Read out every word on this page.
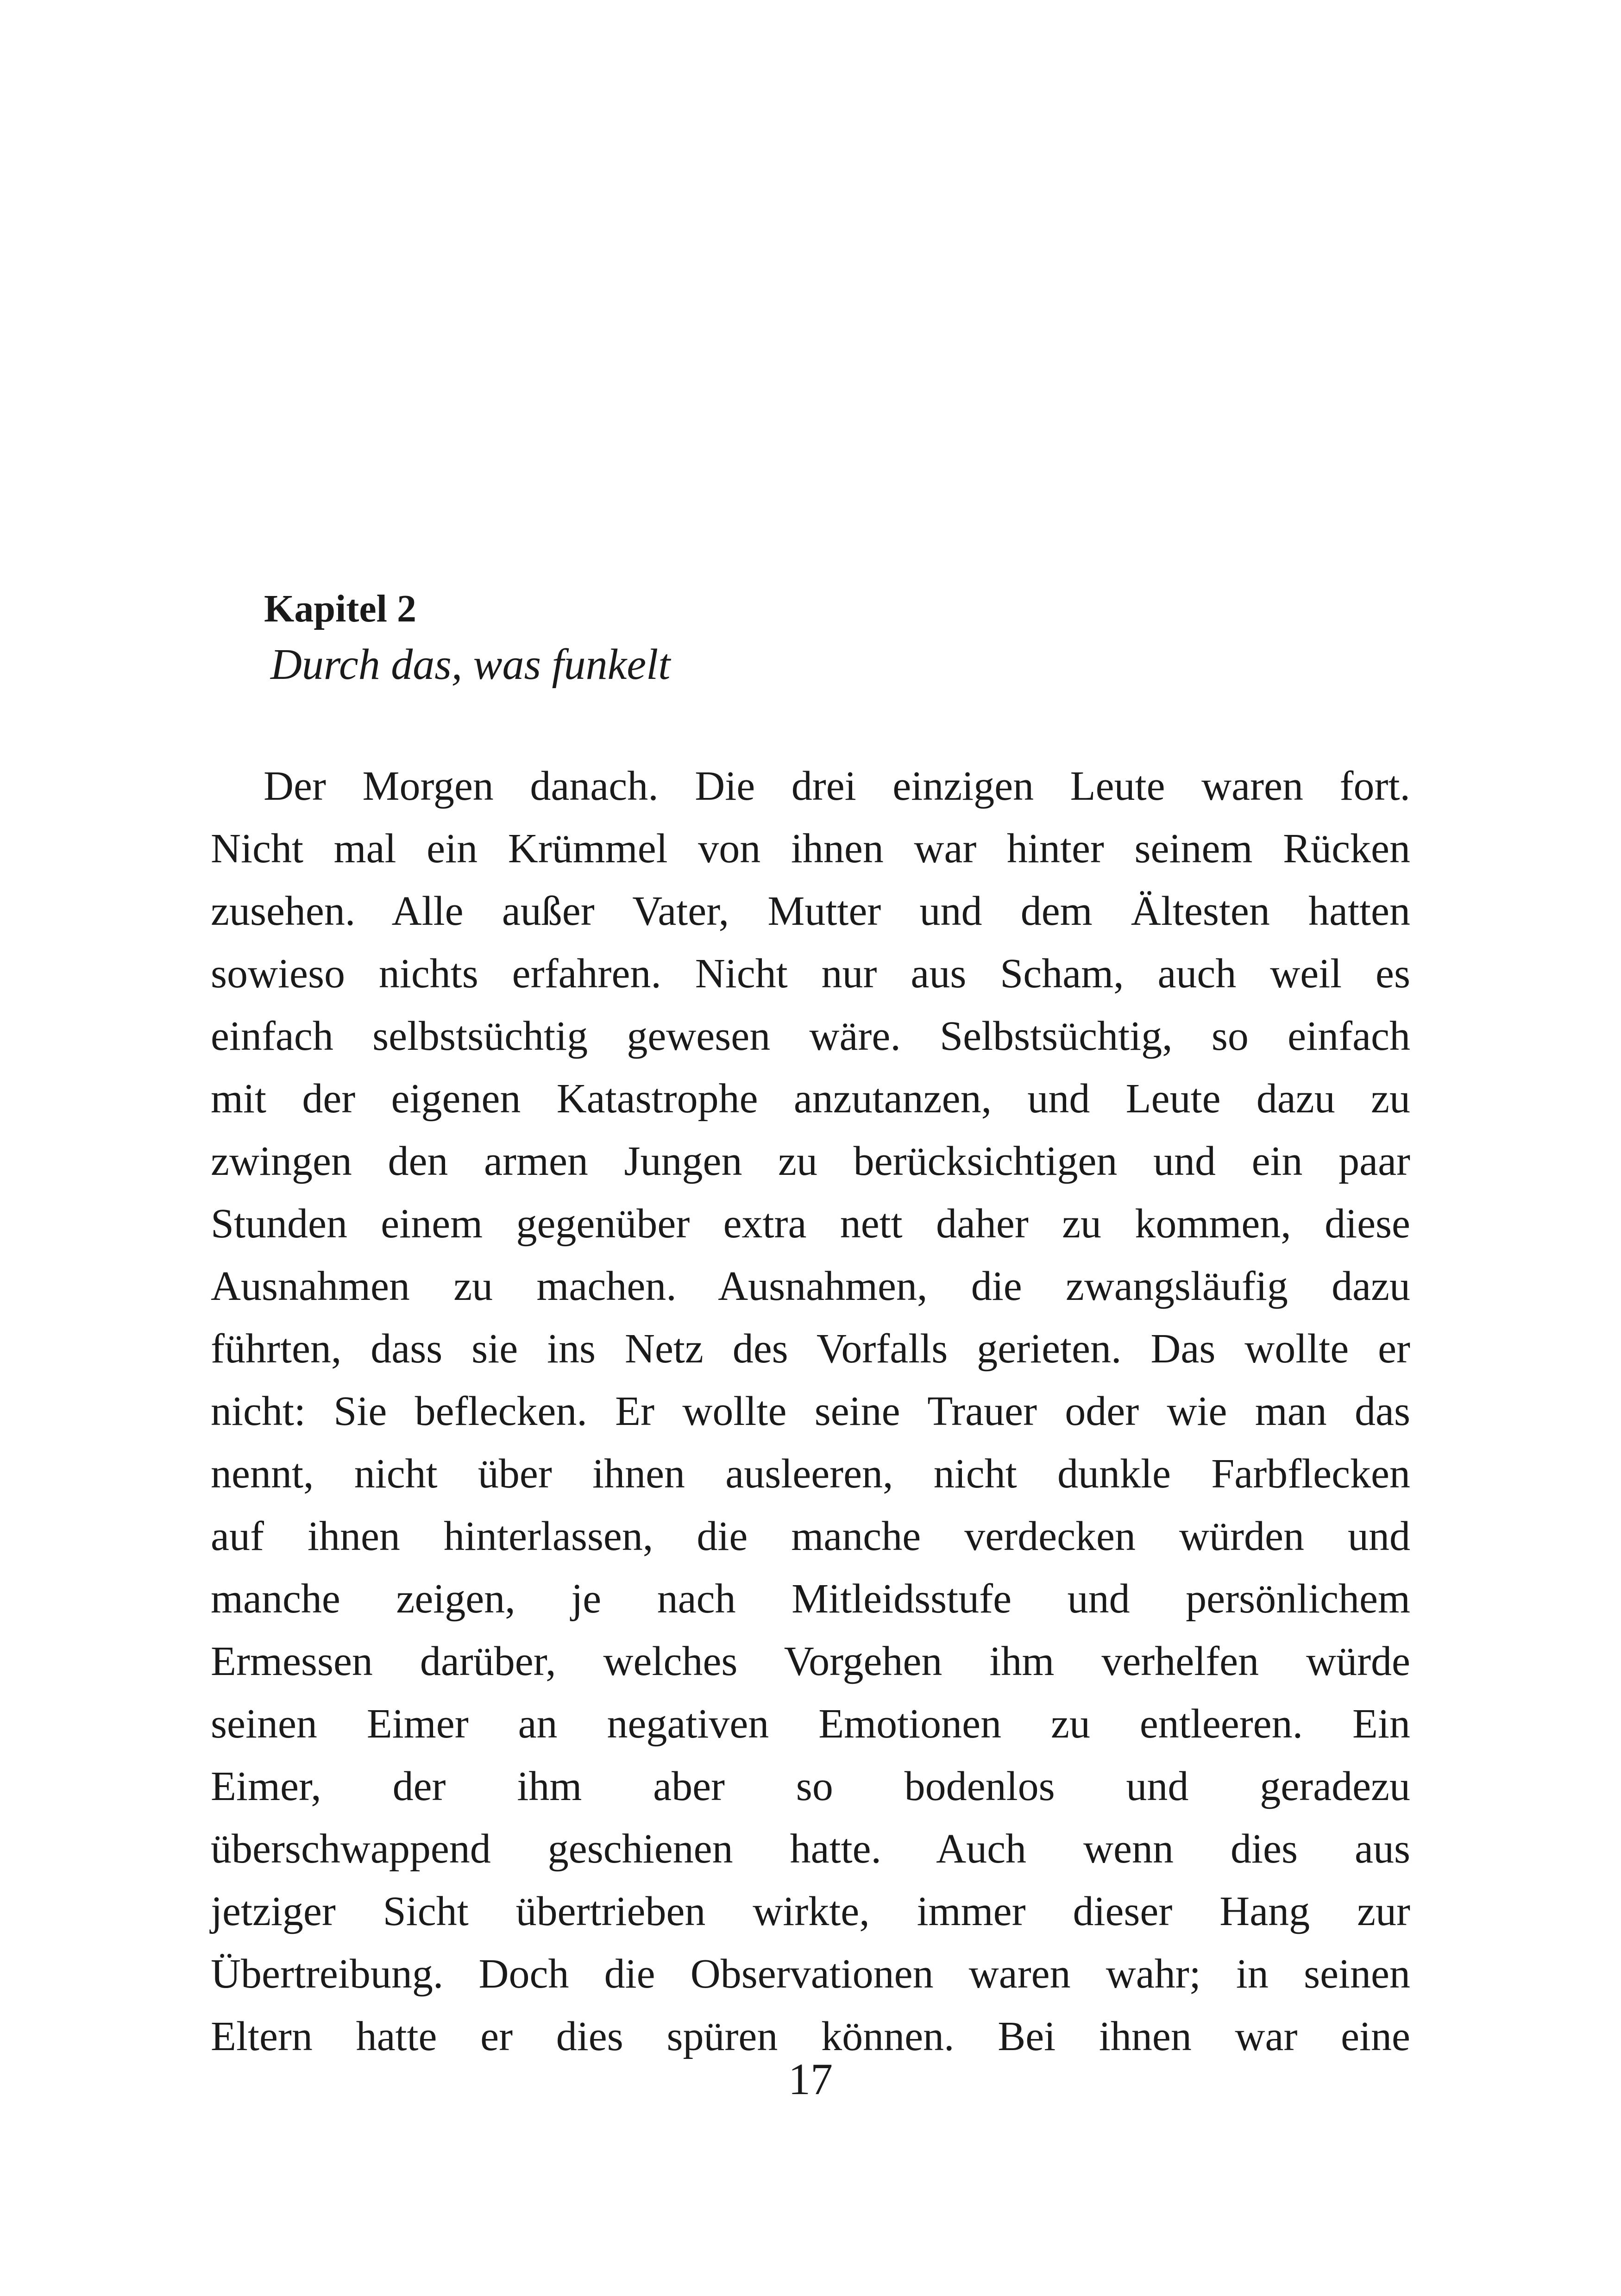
Kapitel 2

Durch das, was funkelt

Der Morgen danach. Die drei einzigen Leute waren fort.
Nicht mal ein Krümmel von ihnen war hinter seinem Rücken
zusehen. Alle außer Vater, Mutter und dem Ältesten hatten
sowieso nichts erfahren. Nicht nur aus Scham, auch weil es
einfach selbstsüchtig gewesen wäre. Selbstsüchtig, so einfach
mit der eigenen Katastrophe anzutanzen, und Leute dazu zu
zwingen den armen Jungen zu berücksichtigen und ein paar
Stunden einem gegenüber extra nett daher zu kommen, diese
Ausnahmen zu machen. Ausnahmen, die zwangsläufig dazu
führten, dass sie ins Netz des Vorfalls gerieten. Das wollte er
nicht: Sie beflecken. Er wollte seine Trauer oder wie man das
nennt, nicht über ihnen ausleeren, nicht dunkle Farbflecken
auf ihnen hinterlassen, die manche verdecken würden und
manche zeigen, je nach Mitleidsstufe und persönlichem
Ermessen darüber, welches Vorgehen ihm verhelfen würde
seinen Eimer an negativen Emotionen zu entleeren. Ein
Eimer, der ihm aber so bodenlos und geradezu
überschwappend geschienen hatte. Auch wenn dies aus
jetziger Sicht übertrieben wirkte, immer dieser Hang zur
Übertreibung. Doch die Observationen waren wahr; in seinen
Eltern hatte er dies spüren können. Bei ihnen war eine
17
